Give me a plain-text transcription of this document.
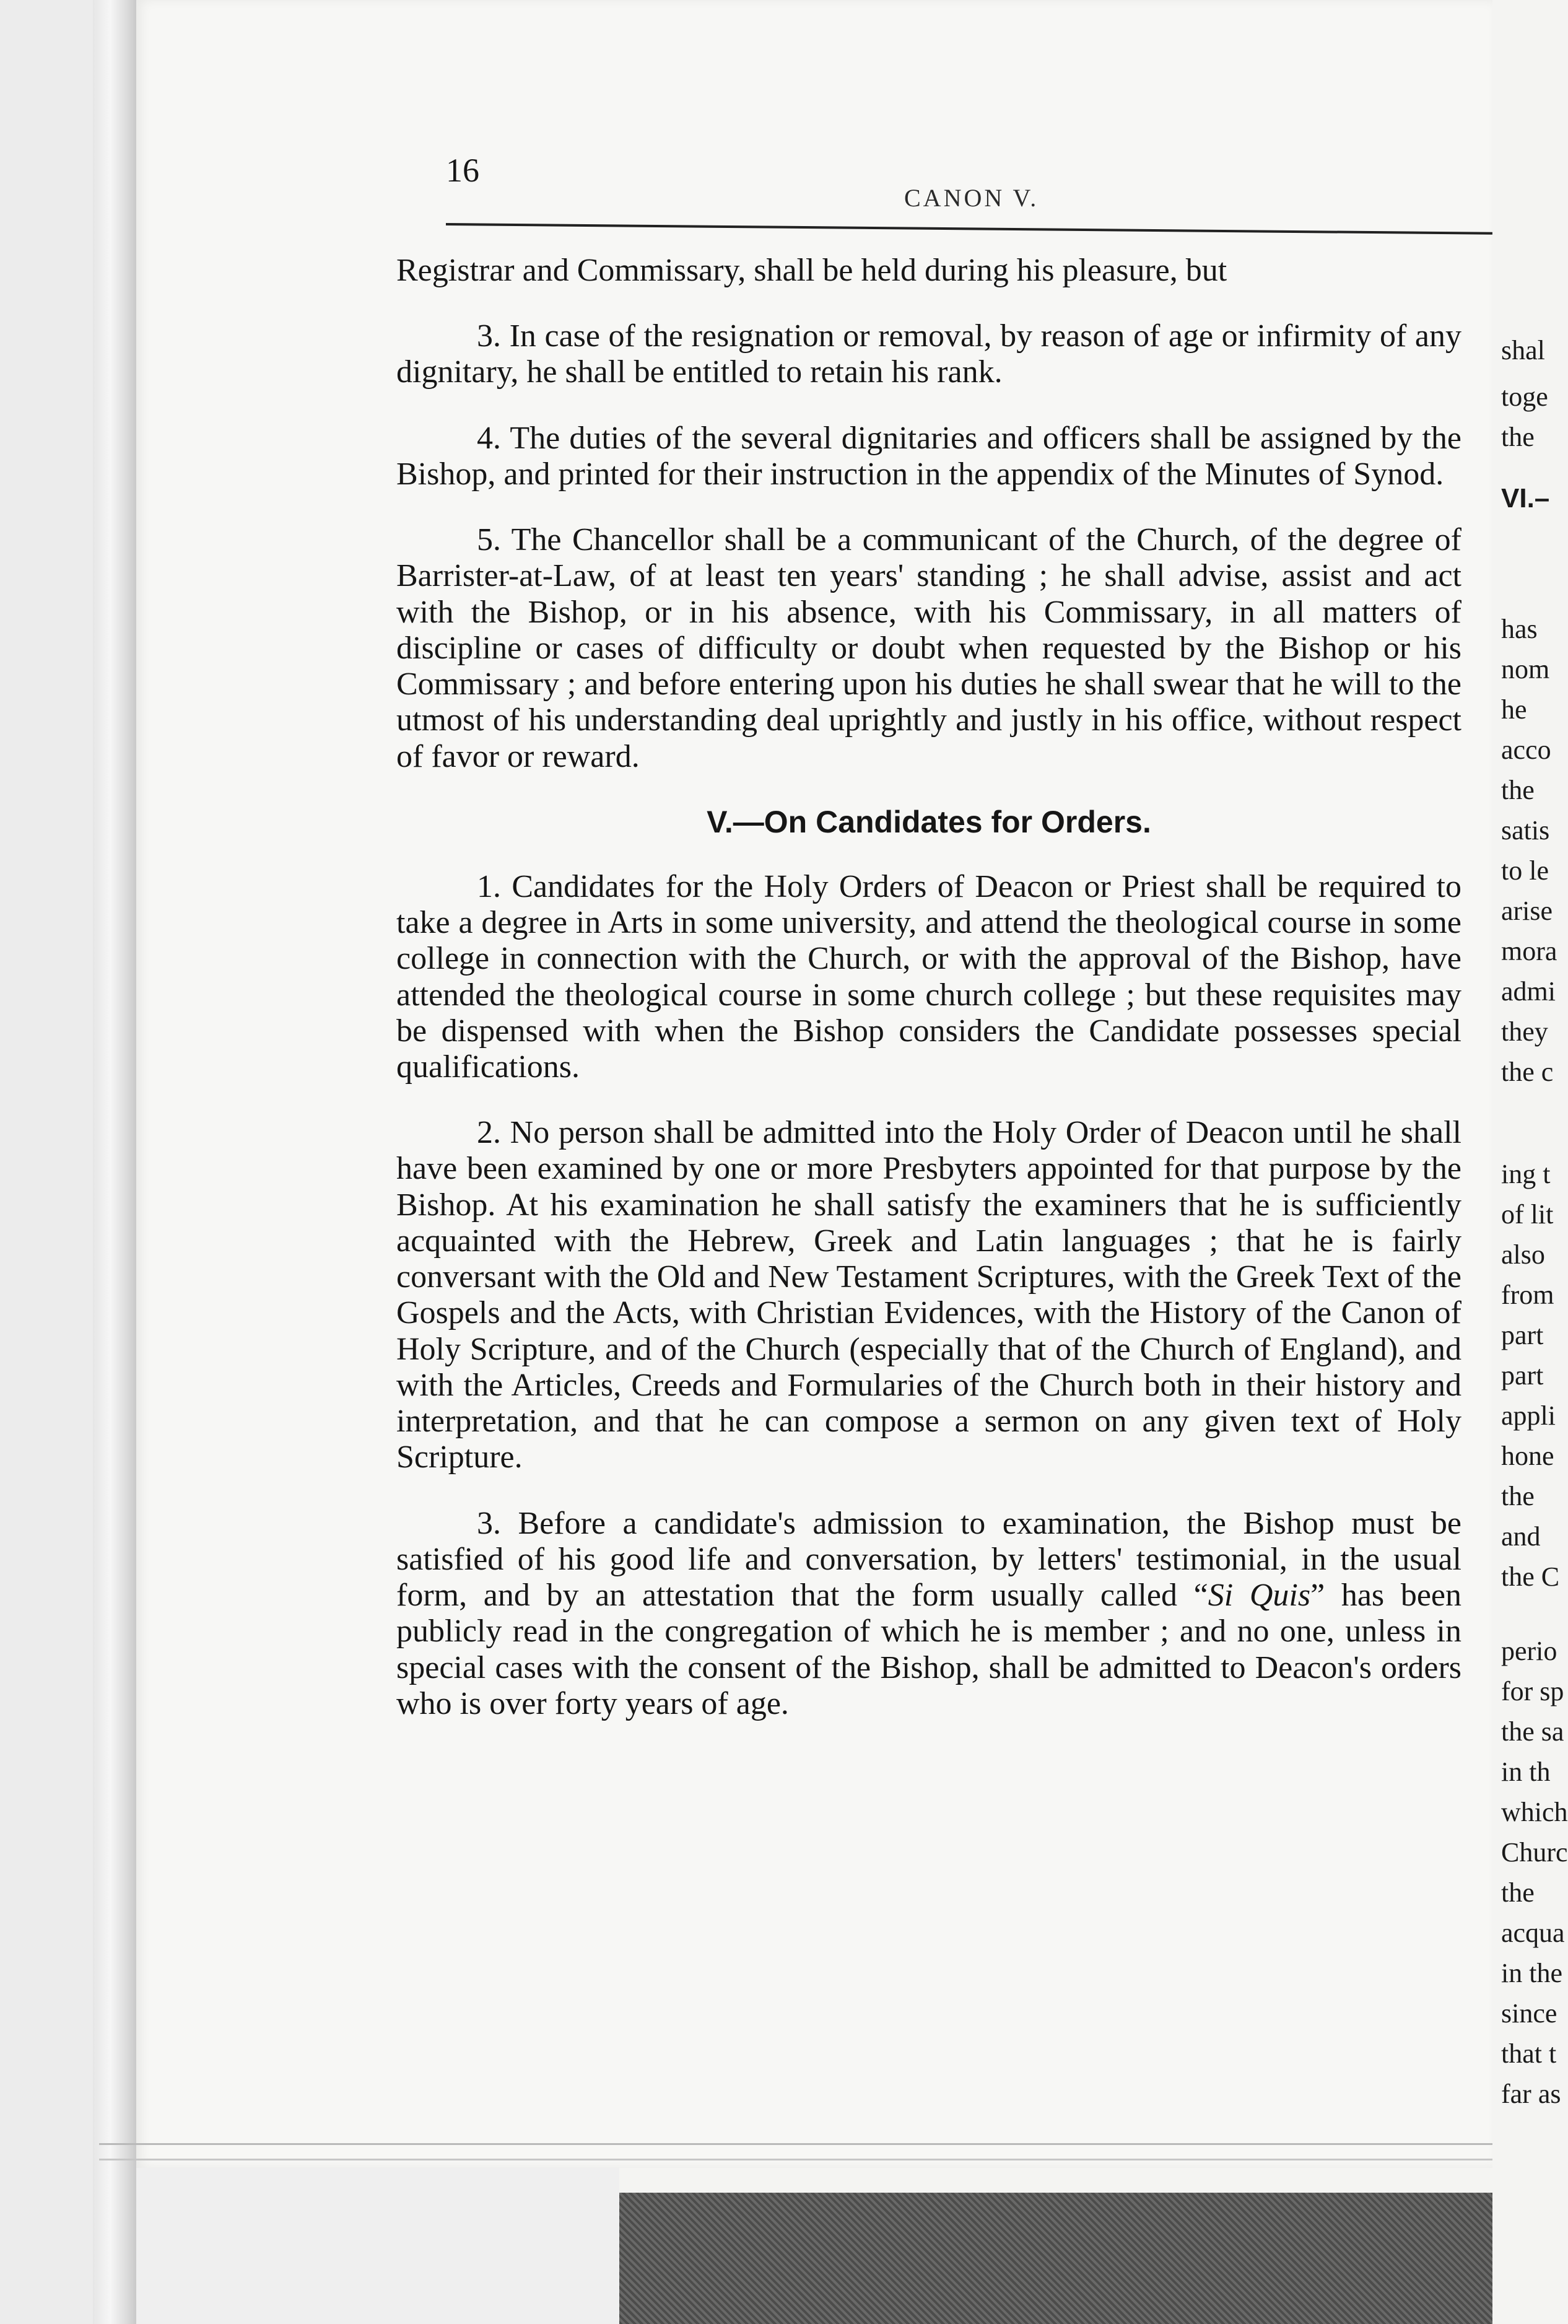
16
CANON V.

Registrar and Commissary, shall be held during his pleasure, but

3. In case of the resignation or removal, by reason of age or infirmity of any dignitary, he shall be entitled to retain his rank.

4. The duties of the several dignitaries and officers shall be assigned by the Bishop, and printed for their instruction in the appendix of the Minutes of Synod.

5. The Chancellor shall be a communicant of the Church, of the degree of Barrister-at-Law, of at least ten years' standing ; he shall advise, assist and act with the Bishop, or in his absence, with his Commissary, in all matters of discipline or cases of difficulty or doubt when requested by the Bishop or his Commissary ; and before entering upon his duties he shall swear that he will to the utmost of his understanding deal uprightly and justly in his office, without respect of favor or reward.

V.—On Candidates for Orders.

1. Candidates for the Holy Orders of Deacon or Priest shall be required to take a degree in Arts in some university, and attend the theological course in some college in connection with the Church, or with the approval of the Bishop, have attended the theological course in some church college ; but these requisites may be dispensed with when the Bishop considers the Candidate possesses special qualifications.

2. No person shall be admitted into the Holy Order of Deacon until he shall have been examined by one or more Presbyters appointed for that purpose by the Bishop. At his examination he shall satisfy the examiners that he is sufficiently acquainted with the Hebrew, Greek and Latin languages ; that he is fairly conversant with the Old and New Testament Scriptures, with the Greek Text of the Gospels and the Acts, with Christian Evidences, with the History of the Canon of Holy Scripture, and of the Church (especially that of the Church of England), and with the Articles, Creeds and Formularies of the Church both in their history and interpretation, and that he can compose a sermon on any given text of Holy Scripture.

3. Before a candidate's admission to examination, the Bishop must be satisfied of his good life and conversation, by letters' testimonial, in the usual form, and by an attestation that the form usually called “Si Quis” has been publicly read in the congregation of which he is member ; and no one, unless in special cases with the consent of the Bishop, shall be admitted to Deacon's orders who is over forty years of age.

shal
toge
the
VI.–
has
nom
he
acco
the
satis
to le
arise
mora
admi
they
the c
ing t
of lit
also
from
part
part
appli
hone
the
and
the C
perio
for sp
the sa
in th
which
Churc
the
acqua
in the
since
that t
far as
